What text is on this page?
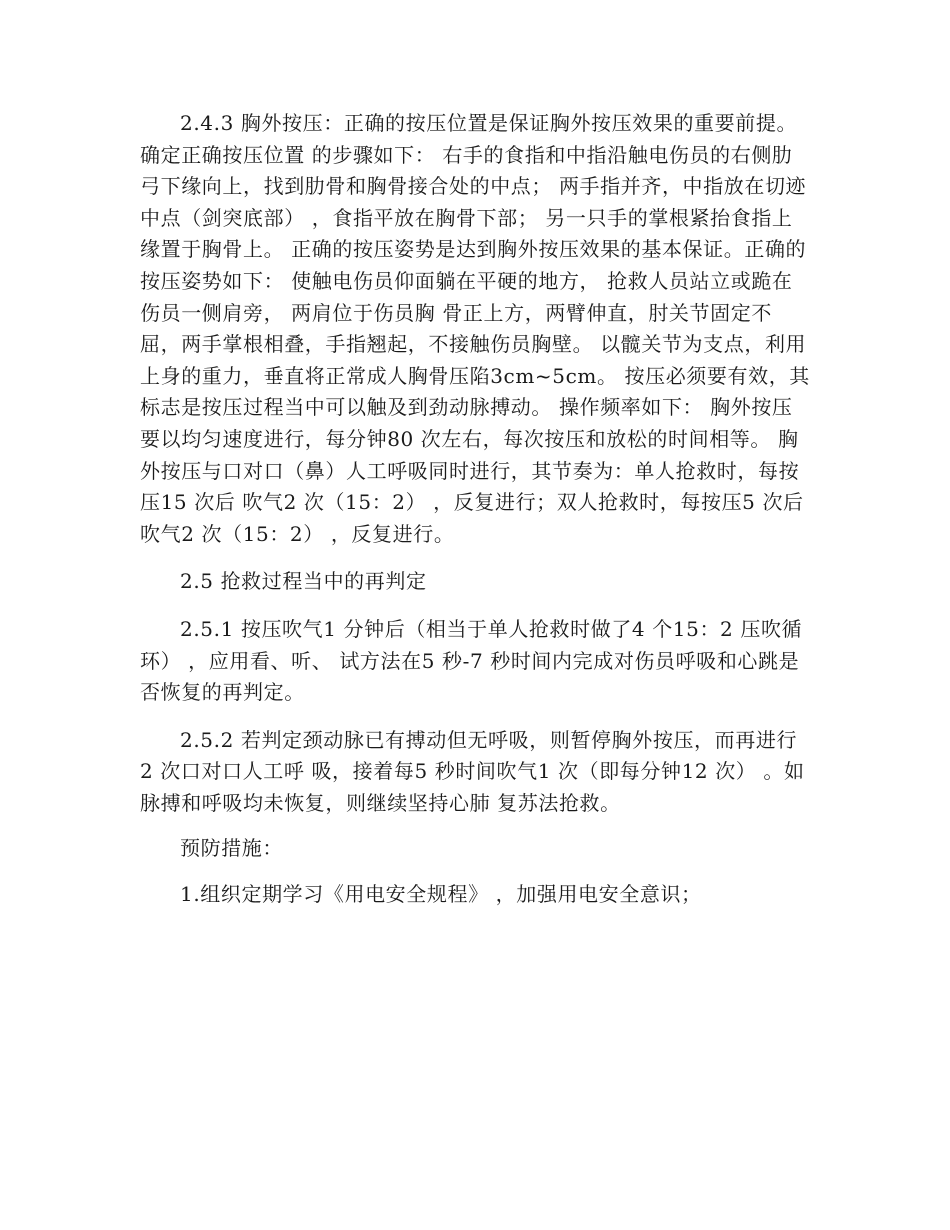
2.4.3 胸外按压：正确的按压位置是保证胸外按压效果的重要前提。确定正确按压位置 的步骤如下： 右手的食指和中指沿触电伤员的右侧肋弓下缘向上，找到肋骨和胸骨接合处的中点； 两手指并齐，中指放在切迹中点（剑突底部） ，食指平放在胸骨下部； 另一只手的掌根紧抬食指上缘置于胸骨上。 正确的按压姿势是达到胸外按压效果的基本保证。正确的按压姿势如下： 使触电伤员仰面躺在平硬的地方， 抢救人员站立或跪在伤员一侧肩旁， 两肩位于伤员胸 骨正上方，两臂伸直，肘关节固定不屈，两手掌根相叠，手指翘起，不接触伤员胸壁。 以髋关节为支点，利用上身的重力，垂直将正常成人胸骨压陷3cm~5cm。 按压必须要有效，其标志是按压过程当中可以触及到劲动脉搏动。 操作频率如下： 胸外按压要以均匀速度进行，每分钟80 次左右，每次按压和放松的时间相等。 胸外按压与口对口（鼻）人工呼吸同时进行，其节奏为：单人抢救时，每按压15 次后 吹气2 次（15：2） ，反复进行；双人抢救时，每按压5 次后吹气2 次（15：2） ，反复进行。

2.5 抢救过程当中的再判定

2.5.1 按压吹气1 分钟后（相当于单人抢救时做了4 个15：2 压吹循环） ，应用看、听、 试方法在5 秒-7 秒时间内完成对伤员呼吸和心跳是否恢复的再判定。

2.5.2 若判定颈动脉已有搏动但无呼吸，则暂停胸外按压，而再进行2 次口对口人工呼 吸，接着每5 秒时间吹气1 次（即每分钟12 次） 。如脉搏和呼吸均未恢复，则继续坚持心肺 复苏法抢救。

预防措施：

1.组织定期学习《用电安全规程》 ，加强用电安全意识；
